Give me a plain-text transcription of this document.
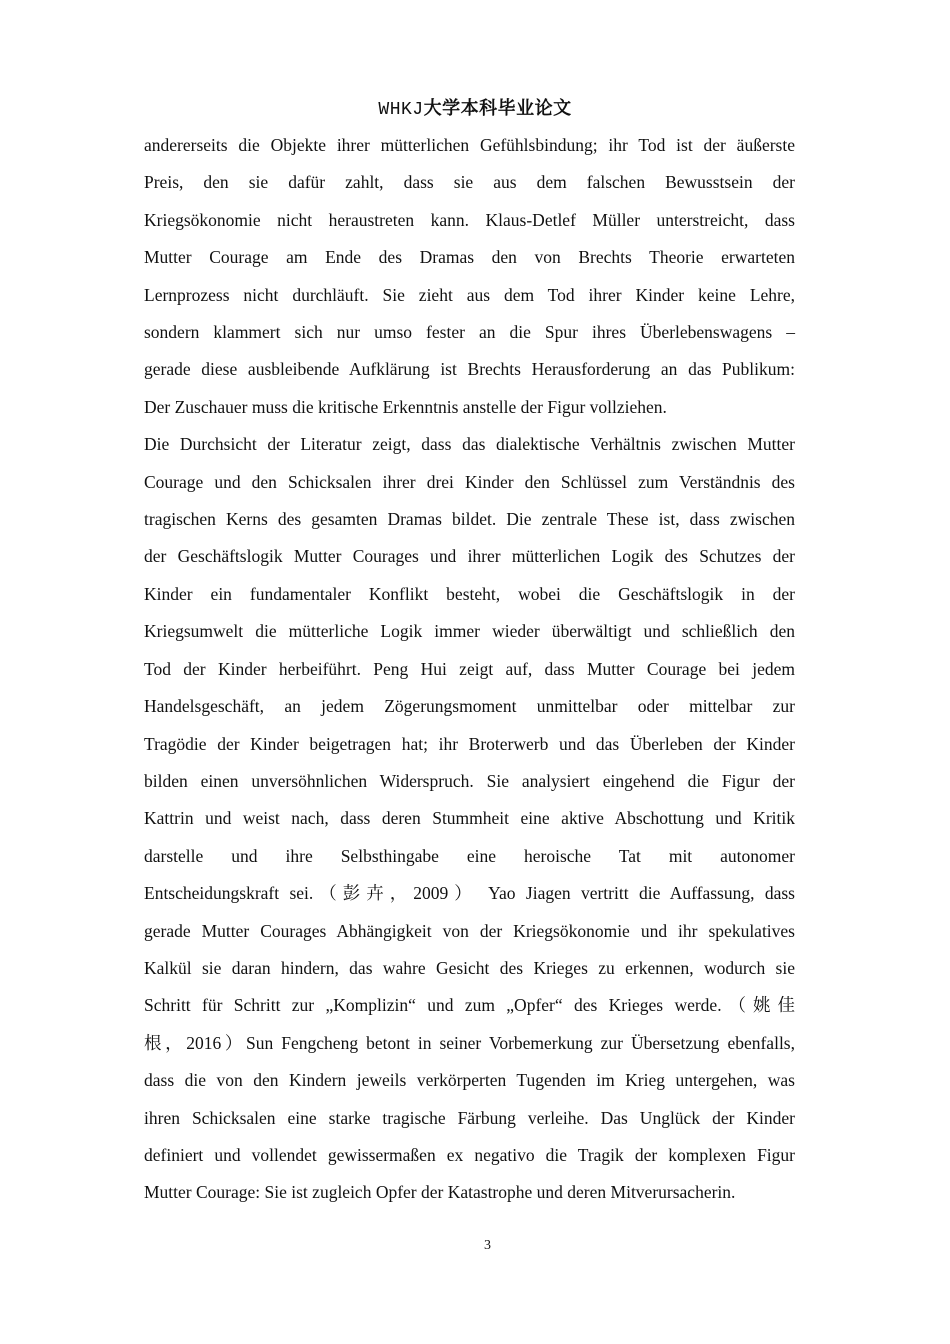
WHKJ大学本科毕业论文

andererseits die Objekte ihrer mütterlichen Gefühlsbindung; ihr Tod ist der äußerste
Preis, den sie dafür zahlt, dass sie aus dem falschen Bewusstsein der
Kriegsökonomie nicht heraustreten kann. Klaus-Detlef Müller unterstreicht, dass
Mutter Courage am Ende des Dramas den von Brechts Theorie erwarteten
Lernprozess nicht durchläuft. Sie zieht aus dem Tod ihrer Kinder keine Lehre,
sondern klammert sich nur umso fester an die Spur ihres Überlebenswagens –
gerade diese ausbleibende Aufklärung ist Brechts Herausforderung an das Publikum:
Der Zuschauer muss die kritische Erkenntnis anstelle der Figur vollziehen.

Die Durchsicht der Literatur zeigt, dass das dialektische Verhältnis zwischen Mutter
Courage und den Schicksalen ihrer drei Kinder den Schlüssel zum Verständnis des
tragischen Kerns des gesamten Dramas bildet. Die zentrale These ist, dass zwischen
der Geschäftslogik Mutter Courages und ihrer mütterlichen Logik des Schutzes der
Kinder ein fundamentaler Konflikt besteht, wobei die Geschäftslogik in der
Kriegsumwelt die mütterliche Logik immer wieder überwältigt und schließlich den
Tod der Kinder herbeiführt. Peng Hui zeigt auf, dass Mutter Courage bei jedem
Handelsgeschäft, an jedem Zögerungsmoment unmittelbar oder mittelbar zur
Tragödie der Kinder beigetragen hat; ihr Broterwerb und das Überleben der Kinder
bilden einen unversöhnlichen Widerspruch. Sie analysiert eingehend die Figur der
Kattrin und weist nach, dass deren Stummheit eine aktive Abschottung und Kritik
darstelle und ihre Selbsthingabe eine heroische Tat mit autonomer
Entscheidungskraft sei.（彭卉，2009） Yao Jiagen vertritt die Auffassung, dass
gerade Mutter Courages Abhängigkeit von der Kriegsökonomie und ihr spekulatives
Kalkül sie daran hindern, das wahre Gesicht des Krieges zu erkennen, wodurch sie
Schritt für Schritt zur „Komplizin“ und zum „Opfer“ des Krieges werde.（姚佳
根，2016）Sun Fengcheng betont in seiner Vorbemerkung zur Übersetzung ebenfalls,
dass die von den Kindern jeweils verkörperten Tugenden im Krieg untergehen, was
ihren Schicksalen eine starke tragische Färbung verleihe. Das Unglück der Kinder
definiert und vollendet gewissermaßen ex negativo die Tragik der komplexen Figur
Mutter Courage: Sie ist zugleich Opfer der Katastrophe und deren Mitverursacherin.

3
